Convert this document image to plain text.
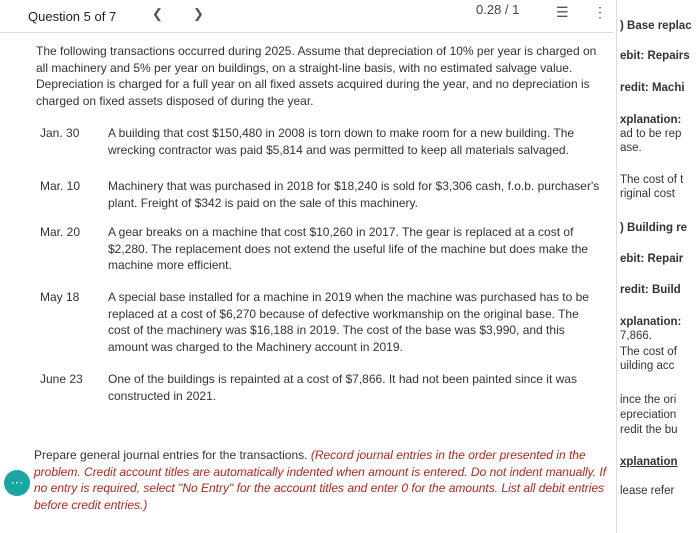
Question 5 of 7	❮ ❯	0.28 / 1	☰ ⋮
The following transactions occurred during 2025. Assume that depreciation of 10% per year is charged on all machinery and 5% per year on buildings, on a straight-line basis, with no estimated salvage value. Depreciation is charged for a full year on all fixed assets acquired during the year, and no depreciation is charged on fixed assets disposed of during the year.
Jan. 30	A building that cost $150,480 in 2008 is torn down to make room for a new building. The wrecking contractor was paid $5,814 and was permitted to keep all materials salvaged.
Mar. 10	Machinery that was purchased in 2018 for $18,240 is sold for $3,306 cash, f.o.b. purchaser's plant. Freight of $342 is paid on the sale of this machinery.
Mar. 20	A gear breaks on a machine that cost $10,260 in 2017. The gear is replaced at a cost of $2,280. The replacement does not extend the useful life of the machine but does make the machine more efficient.
May 18	A special base installed for a machine in 2019 when the machine was purchased has to be replaced at a cost of $6,270 because of defective workmanship on the original base. The cost of the machinery was $16,188 in 2019. The cost of the base was $3,990, and this amount was charged to the Machinery account in 2019.
June 23	One of the buildings is repainted at a cost of $7,866. It had not been painted since it was constructed in 2021.
Prepare general journal entries for the transactions. (Record journal entries in the order presented in the problem. Credit account titles are automatically indented when amount is entered. Do not indent manually. If no entry is required, select "No Entry" for the account titles and enter 0 for the amounts. List all debit entries before credit entries.)
⋯
) Base replac
ebit: Repairs
redit: Machi
xplanation:
ad to be rep
ase.
The cost of t
riginal cost
) Building re
ebit: Repair
redit: Build
xplanation:
7,866.
The cost of
uilding acc
ince the ori
epreciation
redit the bu
xplanation
lease refer
